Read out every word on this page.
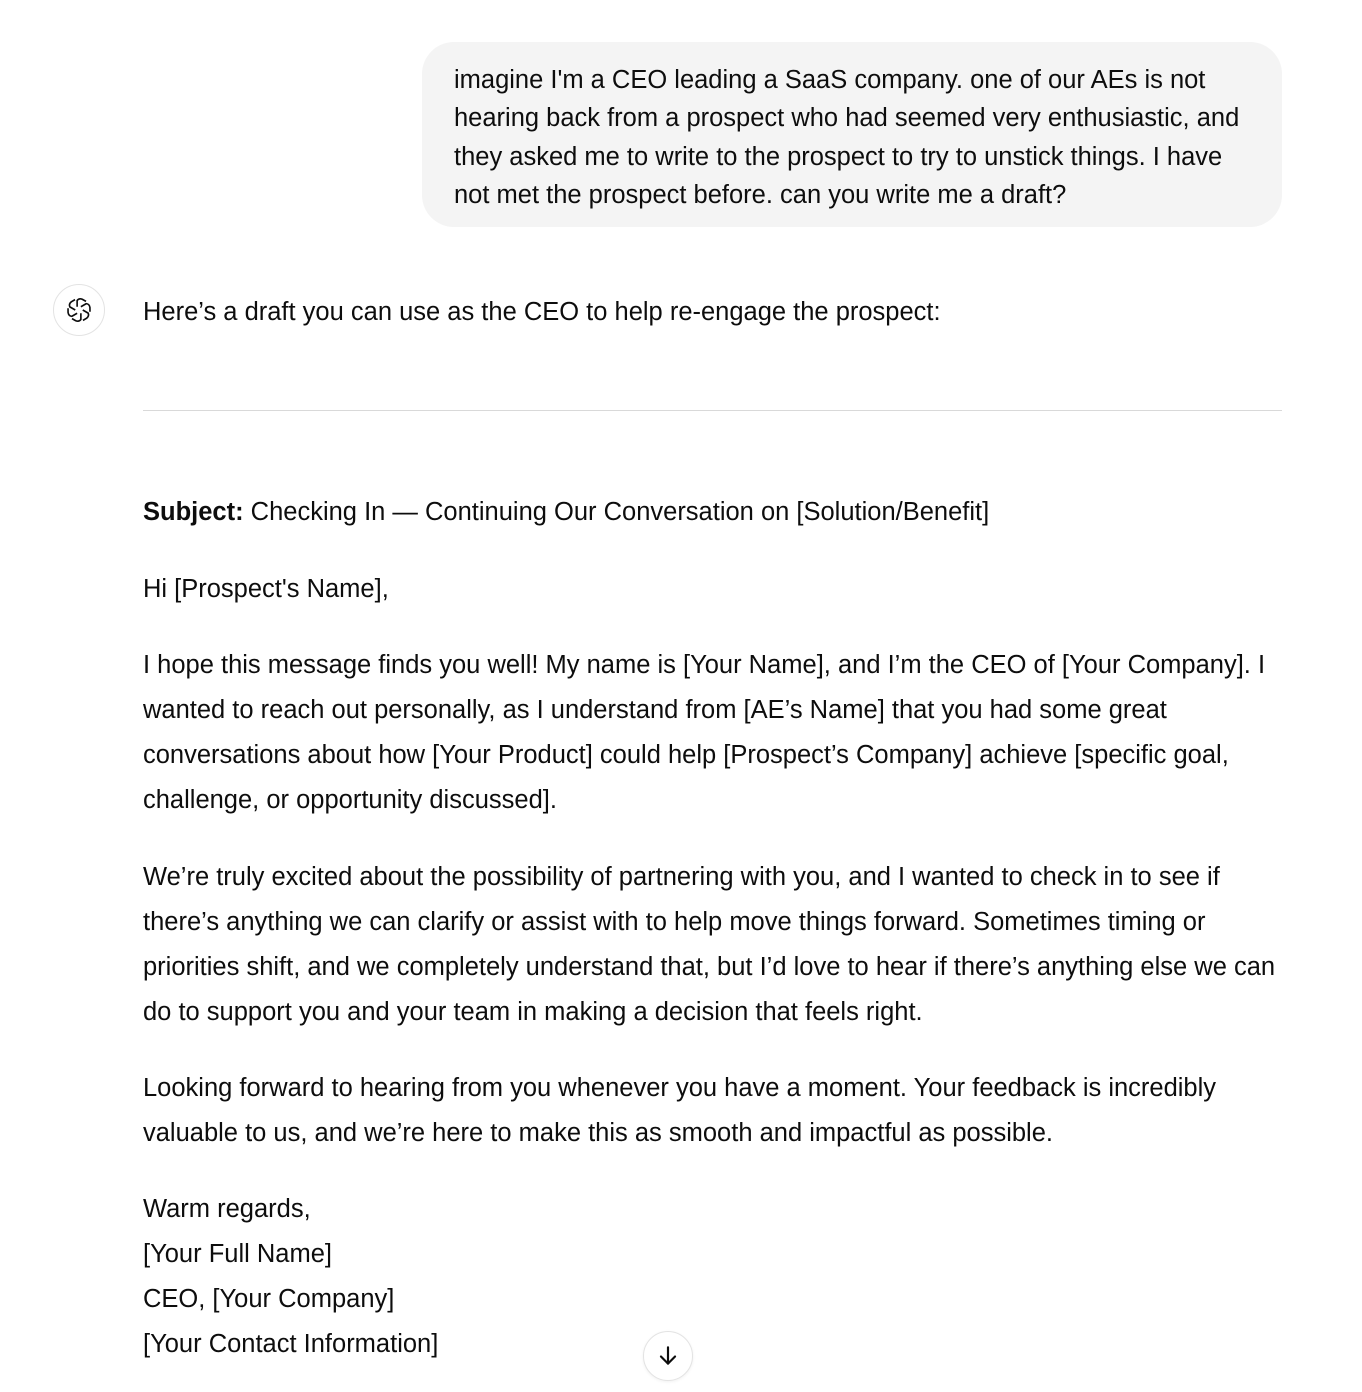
imagine I'm a CEO leading a SaaS company. one of our AEs is not hearing back from a prospect who had seemed very enthusiastic, and they asked me to write to the prospect to try to unstick things. I have not met the prospect before. can you write me a draft?

Here’s a draft you can use as the CEO to help re-engage the prospect:

Subject: Checking In — Continuing Our Conversation on [Solution/Benefit]

Hi [Prospect's Name],

I hope this message finds you well! My name is [Your Name], and I’m the CEO of [Your Company]. I wanted to reach out personally, as I understand from [AE’s Name] that you had some great conversations about how [Your Product] could help [Prospect’s Company] achieve [specific goal, challenge, or opportunity discussed].

We’re truly excited about the possibility of partnering with you, and I wanted to check in to see if there’s anything we can clarify or assist with to help move things forward. Sometimes timing or priorities shift, and we completely understand that, but I’d love to hear if there’s anything else we can do to support you and your team in making a decision that feels right.

Looking forward to hearing from you whenever you have a moment. Your feedback is incredibly valuable to us, and we’re here to make this as smooth and impactful as possible.

Warm regards,
[Your Full Name]
CEO, [Your Company]
[Your Contact Information]
